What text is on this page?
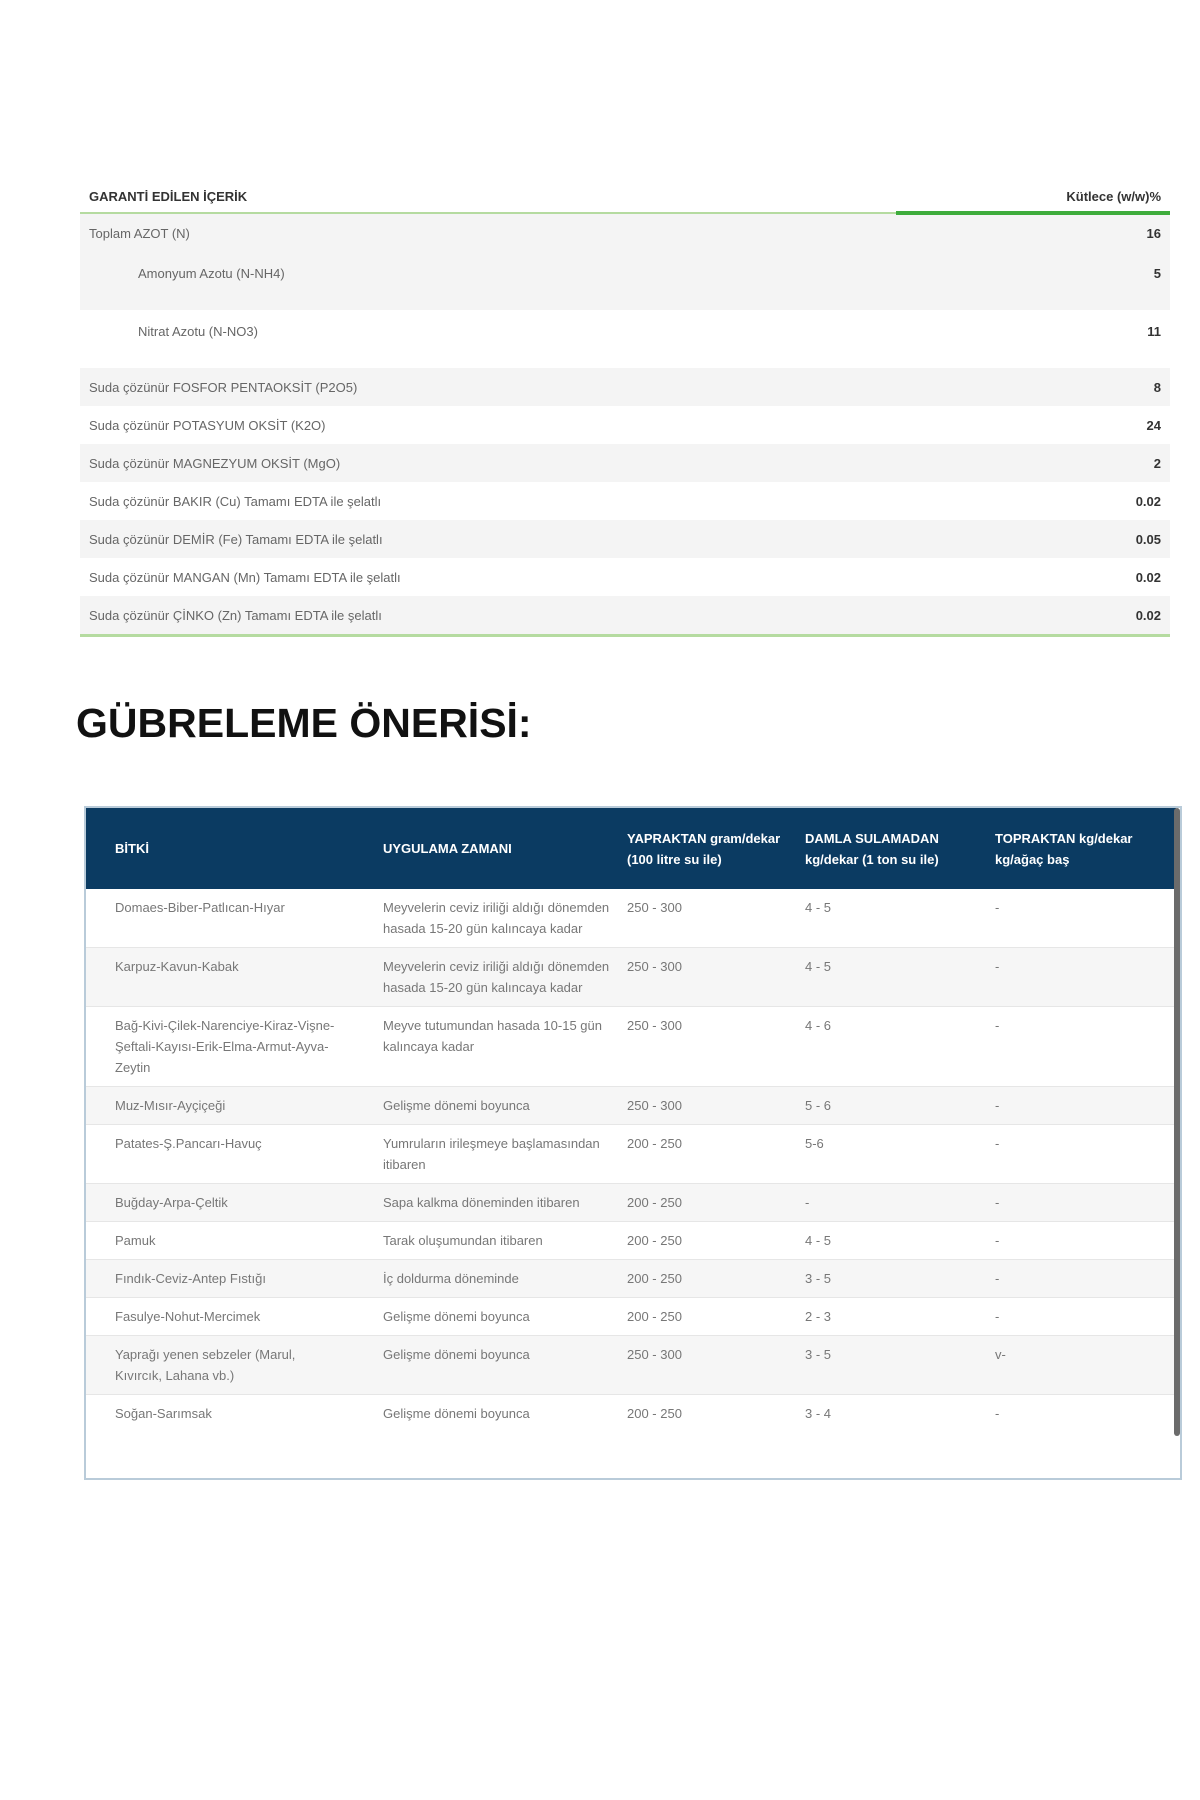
GARANTİ EDİLEN İÇERİK	Kütlece (w/w)%
Toplam AZOT (N)	16
Amonyum Azotu (N-NH4)	5
Nitrat Azotu (N-NO3)	11
Suda çözünür FOSFOR PENTAOKSİT (P2O5)	8
Suda çözünür POTASYUM OKSİT (K2O)	24
Suda çözünür MAGNEZYUM OKSİT (MgO)	2
Suda çözünür BAKIR (Cu) Tamamı EDTA ile şelatlı	0.02
Suda çözünür DEMİR (Fe) Tamamı EDTA ile şelatlı	0.05
Suda çözünür MANGAN (Mn) Tamamı EDTA ile şelatlı	0.02
Suda çözünür ÇİNKO (Zn) Tamamı EDTA ile şelatlı	0.02
GÜBRELEME ÖNERİSİ:
BİTKİ	UYGULAMA ZAMANI	YAPRAKTAN gram/dekar (100 litre su ile)	DAMLA SULAMADAN kg/dekar (1 ton su ile)	TOPRAKTAN kg/dekar kg/ağaç baş
Domaes-Biber-Patlıcan-Hıyar	Meyvelerin ceviz iriliği aldığı dönemden hasada 15-20 gün kalıncaya kadar	250 - 300	4 - 5	-
Karpuz-Kavun-Kabak	Meyvelerin ceviz iriliği aldığı dönemden hasada 15-20 gün kalıncaya kadar	250 - 300	4 - 5	-
Bağ-Kivi-Çilek-Narenciye-Kiraz-Vişne-Şeftali-Kayısı-Erik-Elma-Armut-Ayva-Zeytin	Meyve tutumundan hasada 10-15 gün kalıncaya kadar	250 - 300	4 - 6	-
Muz-Mısır-Ayçiçeği	Gelişme dönemi boyunca	250 - 300	5 - 6	-
Patates-Ş.Pancarı-Havuç	Yumruların irileşmeye başlamasından itibaren	200 - 250	5-6	-
Buğday-Arpa-Çeltik	Sapa kalkma döneminden itibaren	200 - 250	-	-
Pamuk	Tarak oluşumundan itibaren	200 - 250	4 - 5	-
Fındık-Ceviz-Antep Fıstığı	İç doldurma döneminde	200 - 250	3 - 5	-
Fasulye-Nohut-Mercimek	Gelişme dönemi boyunca	200 - 250	2 - 3	-
Yaprağı yenen sebzeler (Marul, Kıvırcık, Lahana vb.)	Gelişme dönemi boyunca	250 - 300	3 - 5	v-
Soğan-Sarımsak	Gelişme dönemi boyunca	200 - 250	3 - 4	-
